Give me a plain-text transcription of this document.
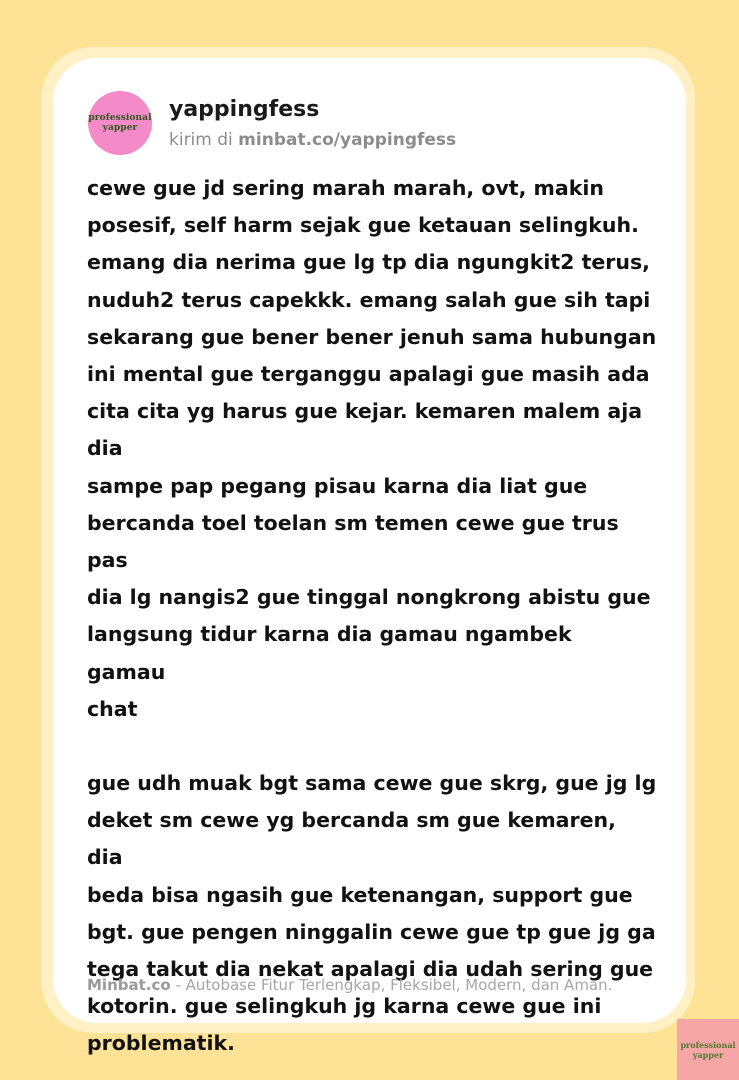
professional
yapper
yappingfess
kirim di minbat.co/yappingfess

cewe gue jd sering marah marah, ovt, makin
posesif, self harm sejak gue ketauan selingkuh.
emang dia nerima gue lg tp dia ngungkit2 terus,
nuduh2 terus capekkk. emang salah gue sih tapi
sekarang gue bener bener jenuh sama hubungan
ini mental gue terganggu apalagi gue masih ada
cita cita yg harus gue kejar. kemaren malem aja dia
sampe pap pegang pisau karna dia liat gue
bercanda toel toelan sm temen cewe gue trus pas
dia lg nangis2 gue tinggal nongkrong abistu gue
langsung tidur karna dia gamau ngambek gamau
chat

gue udh muak bgt sama cewe gue skrg, gue jg lg
deket sm cewe yg bercanda sm gue kemaren, dia
beda bisa ngasih gue ketenangan, support gue
bgt. gue pengen ninggalin cewe gue tp gue jg ga
tega takut dia nekat apalagi dia udah sering gue
kotorin. gue selingkuh jg karna cewe gue ini
problematik.

Minbat.co - Autobase Fitur Terlengkap, Fleksibel, Modern, dan Aman.
professional
yapper
